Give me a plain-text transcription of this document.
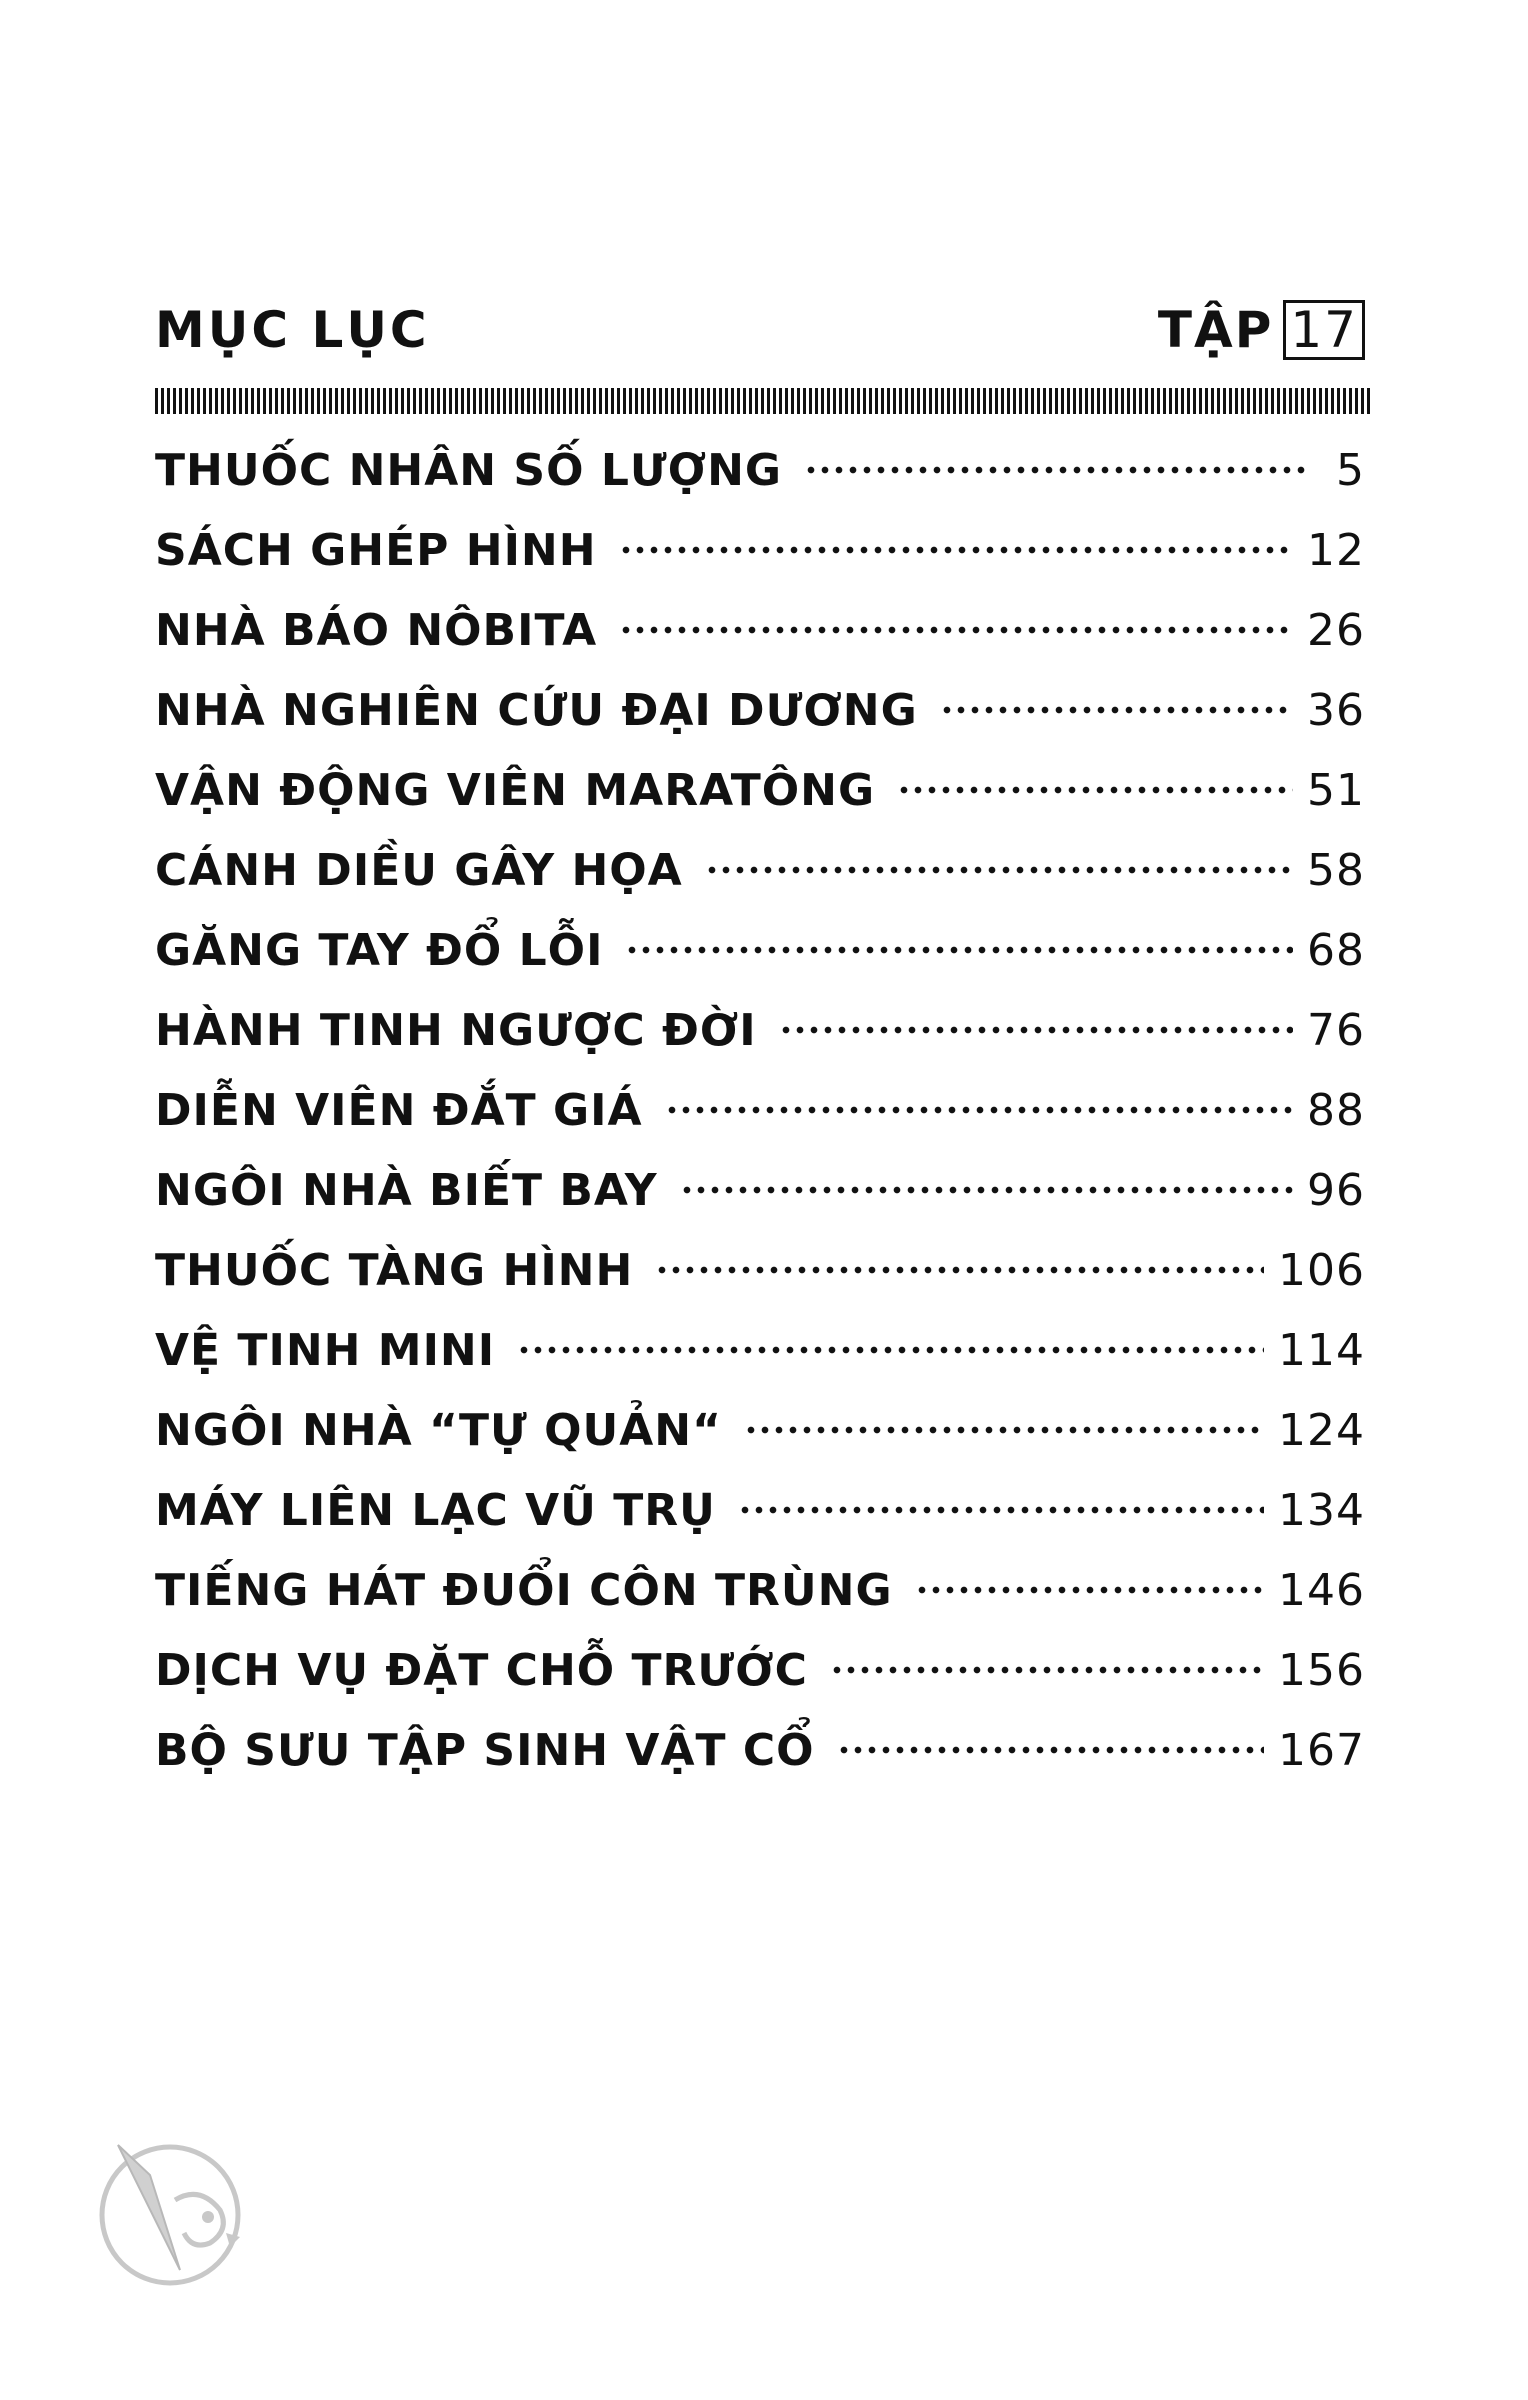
MỤC LỤC	TẬP 17
THUỐC NHÂN SỐ LƯỢNG	5
SÁCH GHÉP HÌNH	12
NHÀ BÁO NÔBITA	26
NHÀ NGHIÊN CỨU ĐẠI DƯƠNG	36
VẬN ĐỘNG VIÊN MARATÔNG	51
CÁNH DIỀU GÂY HỌA	58
GĂNG TAY ĐỔ LỖI	68
HÀNH TINH NGƯỢC ĐỜI	76
DIỄN VIÊN ĐẮT GIÁ	88
NGÔI NHÀ BIẾT BAY	96
THUỐC TÀNG HÌNH	106
VỆ TINH MINI	114
NGÔI NHÀ “TỰ QUẢN“	124
MÁY LIÊN LẠC VŨ TRỤ	134
TIẾNG HÁT ĐUỔI CÔN TRÙNG	146
DỊCH VỤ ĐẶT CHỖ TRƯỚC	156
BỘ SƯU TẬP SINH VẬT CỔ	167
